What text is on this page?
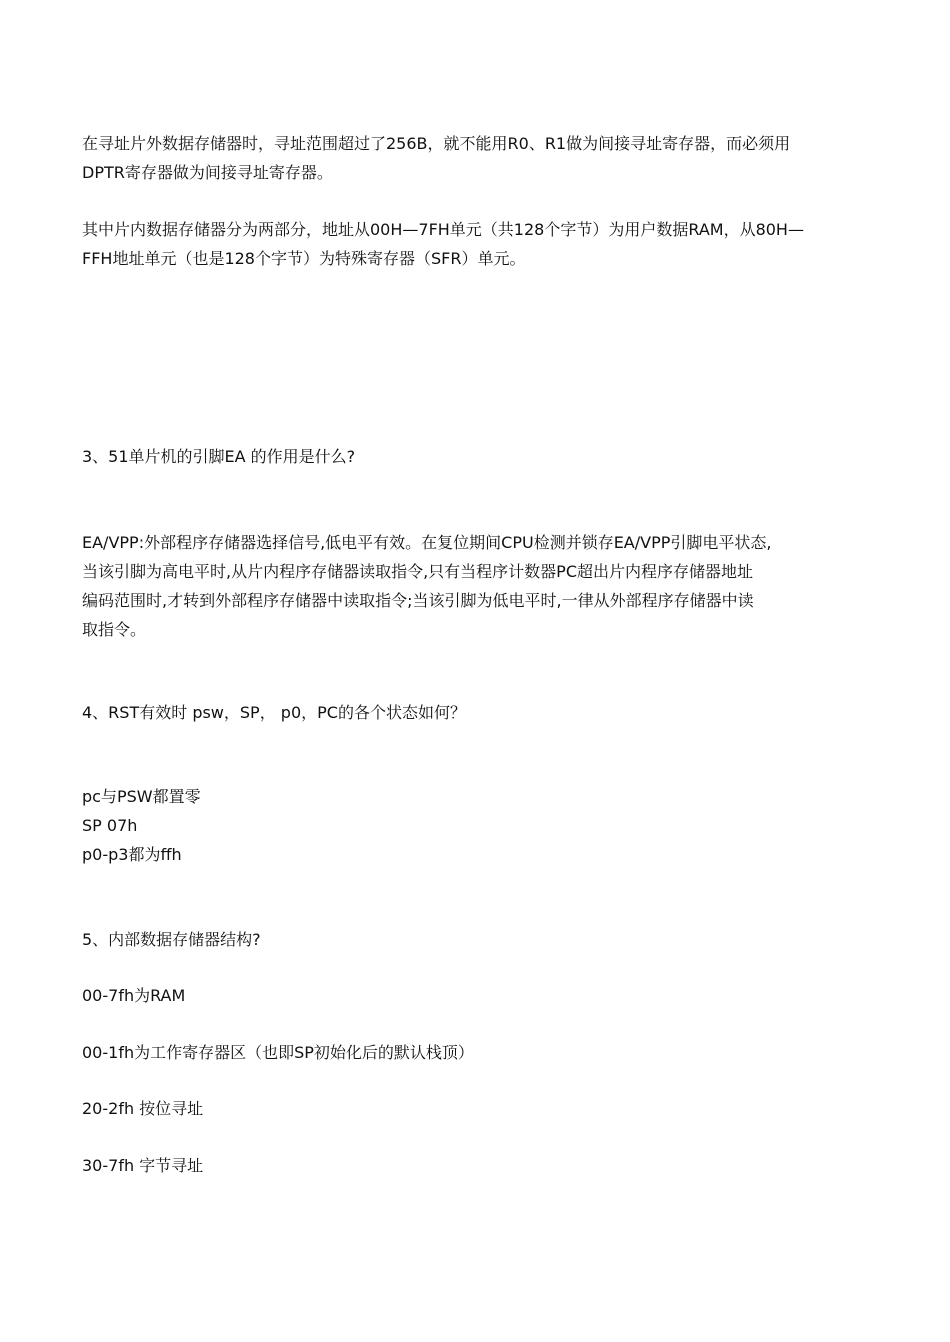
在寻址片外数据存储器时，寻址范围超过了256B，就不能用R0、R1做为间接寻址寄存器，而必须用
DPTR寄存器做为间接寻址寄存器。

其中片内数据存储器分为两部分，地址从00H—7FH单元（共128个字节）为用户数据RAM，从80H—
FFH地址单元（也是128个字节）为特殊寄存器（SFR）单元。

3、51单片机的引脚EA 的作用是什么?

EA/VPP:外部程序存储器选择信号,低电平有效。在复位期间CPU检测并锁存EA/VPP引脚电平状态,
当该引脚为高电平时,从片内程序存储器读取指令,只有当程序计数器PC超出片内程序存储器地址
编码范围时,才转到外部程序存储器中读取指令;当该引脚为低电平时,一律从外部程序存储器中读
取指令。

4、RST有效时 psw，SP， p0，PC的各个状态如何？

pc与PSW都置零
SP 07h
p0-p3都为ffh

5、内部数据存储器结构?

00-7fh为RAM

00-1fh为工作寄存器区（也即SP初始化后的默认栈顶）

20-2fh 按位寻址

30-7fh 字节寻址
